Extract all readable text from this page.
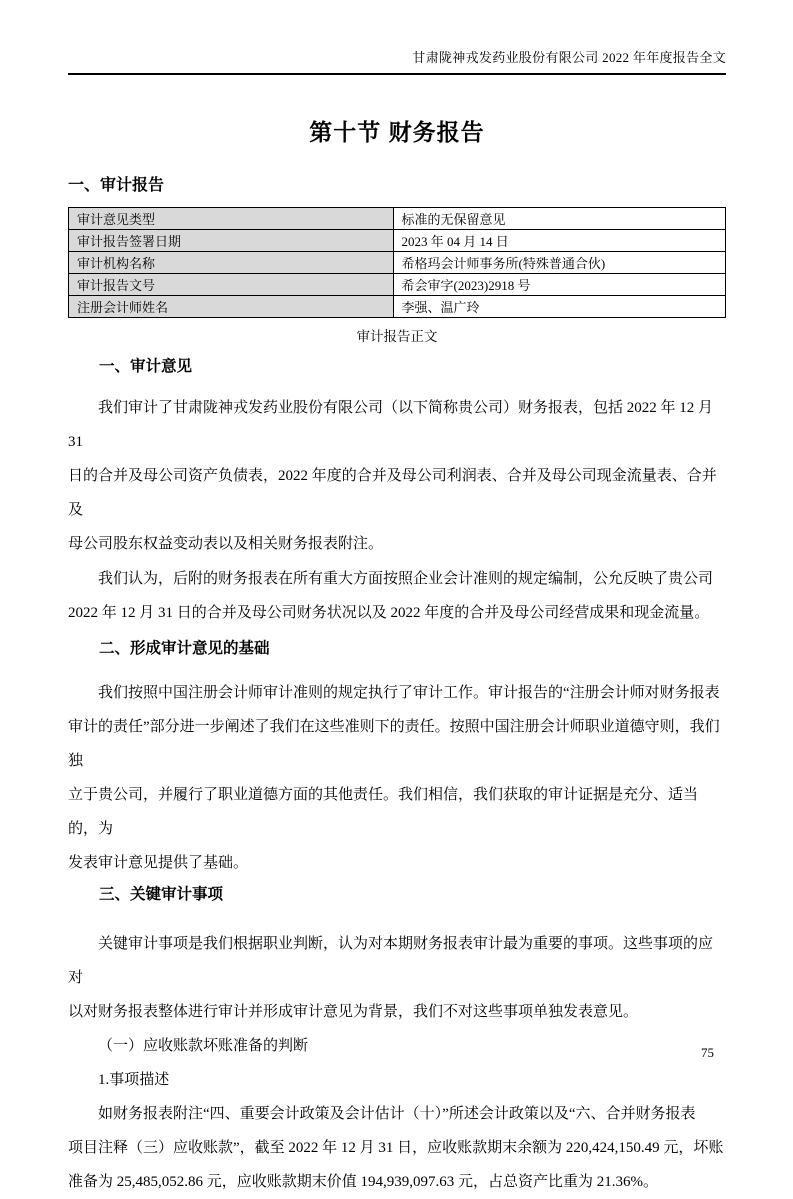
甘肃陇神戎发药业股份有限公司 2022 年年度报告全文
第十节 财务报告
一、审计报告
审计意见类型	标准的无保留意见
审计报告签署日期	2023 年 04 月 14 日
审计机构名称	希格玛会计师事务所(特殊普通合伙)
审计报告文号	希会审字(2023)2918 号
注册会计师姓名	李强、温广玲
审计报告正文
一、审计意见
我们审计了甘肃陇神戎发药业股份有限公司（以下简称贵公司）财务报表，包括 2022 年 12 月 31
日的合并及母公司资产负债表，2022 年度的合并及母公司利润表、合并及母公司现金流量表、合并及
母公司股东权益变动表以及相关财务报表附注。
我们认为，后附的财务报表在所有重大方面按照企业会计准则的规定编制，公允反映了贵公司
2022 年 12 月 31 日的合并及母公司财务状况以及 2022 年度的合并及母公司经营成果和现金流量。
二、形成审计意见的基础
我们按照中国注册会计师审计准则的规定执行了审计工作。审计报告的“注册会计师对财务报表
审计的责任”部分进一步阐述了我们在这些准则下的责任。按照中国注册会计师职业道德守则，我们独
立于贵公司，并履行了职业道德方面的其他责任。我们相信，我们获取的审计证据是充分、适当的，为
发表审计意见提供了基础。
三、关键审计事项
关键审计事项是我们根据职业判断，认为对本期财务报表审计最为重要的事项。这些事项的应对
以对财务报表整体进行审计并形成审计意见为背景，我们不对这些事项单独发表意见。
（一）应收账款坏账准备的判断
1.事项描述
如财务报表附注“四、重要会计政策及会计估计（十）”所述会计政策以及“六、合并财务报表
项目注释（三）应收账款”，截至 2022 年 12 月 31 日，应收账款期末余额为 220,424,150.49 元，坏账
准备为 25,485,052.86 元，应收账款期末价值 194,939,097.63 元，占总资产比重为 21.36%。
75
